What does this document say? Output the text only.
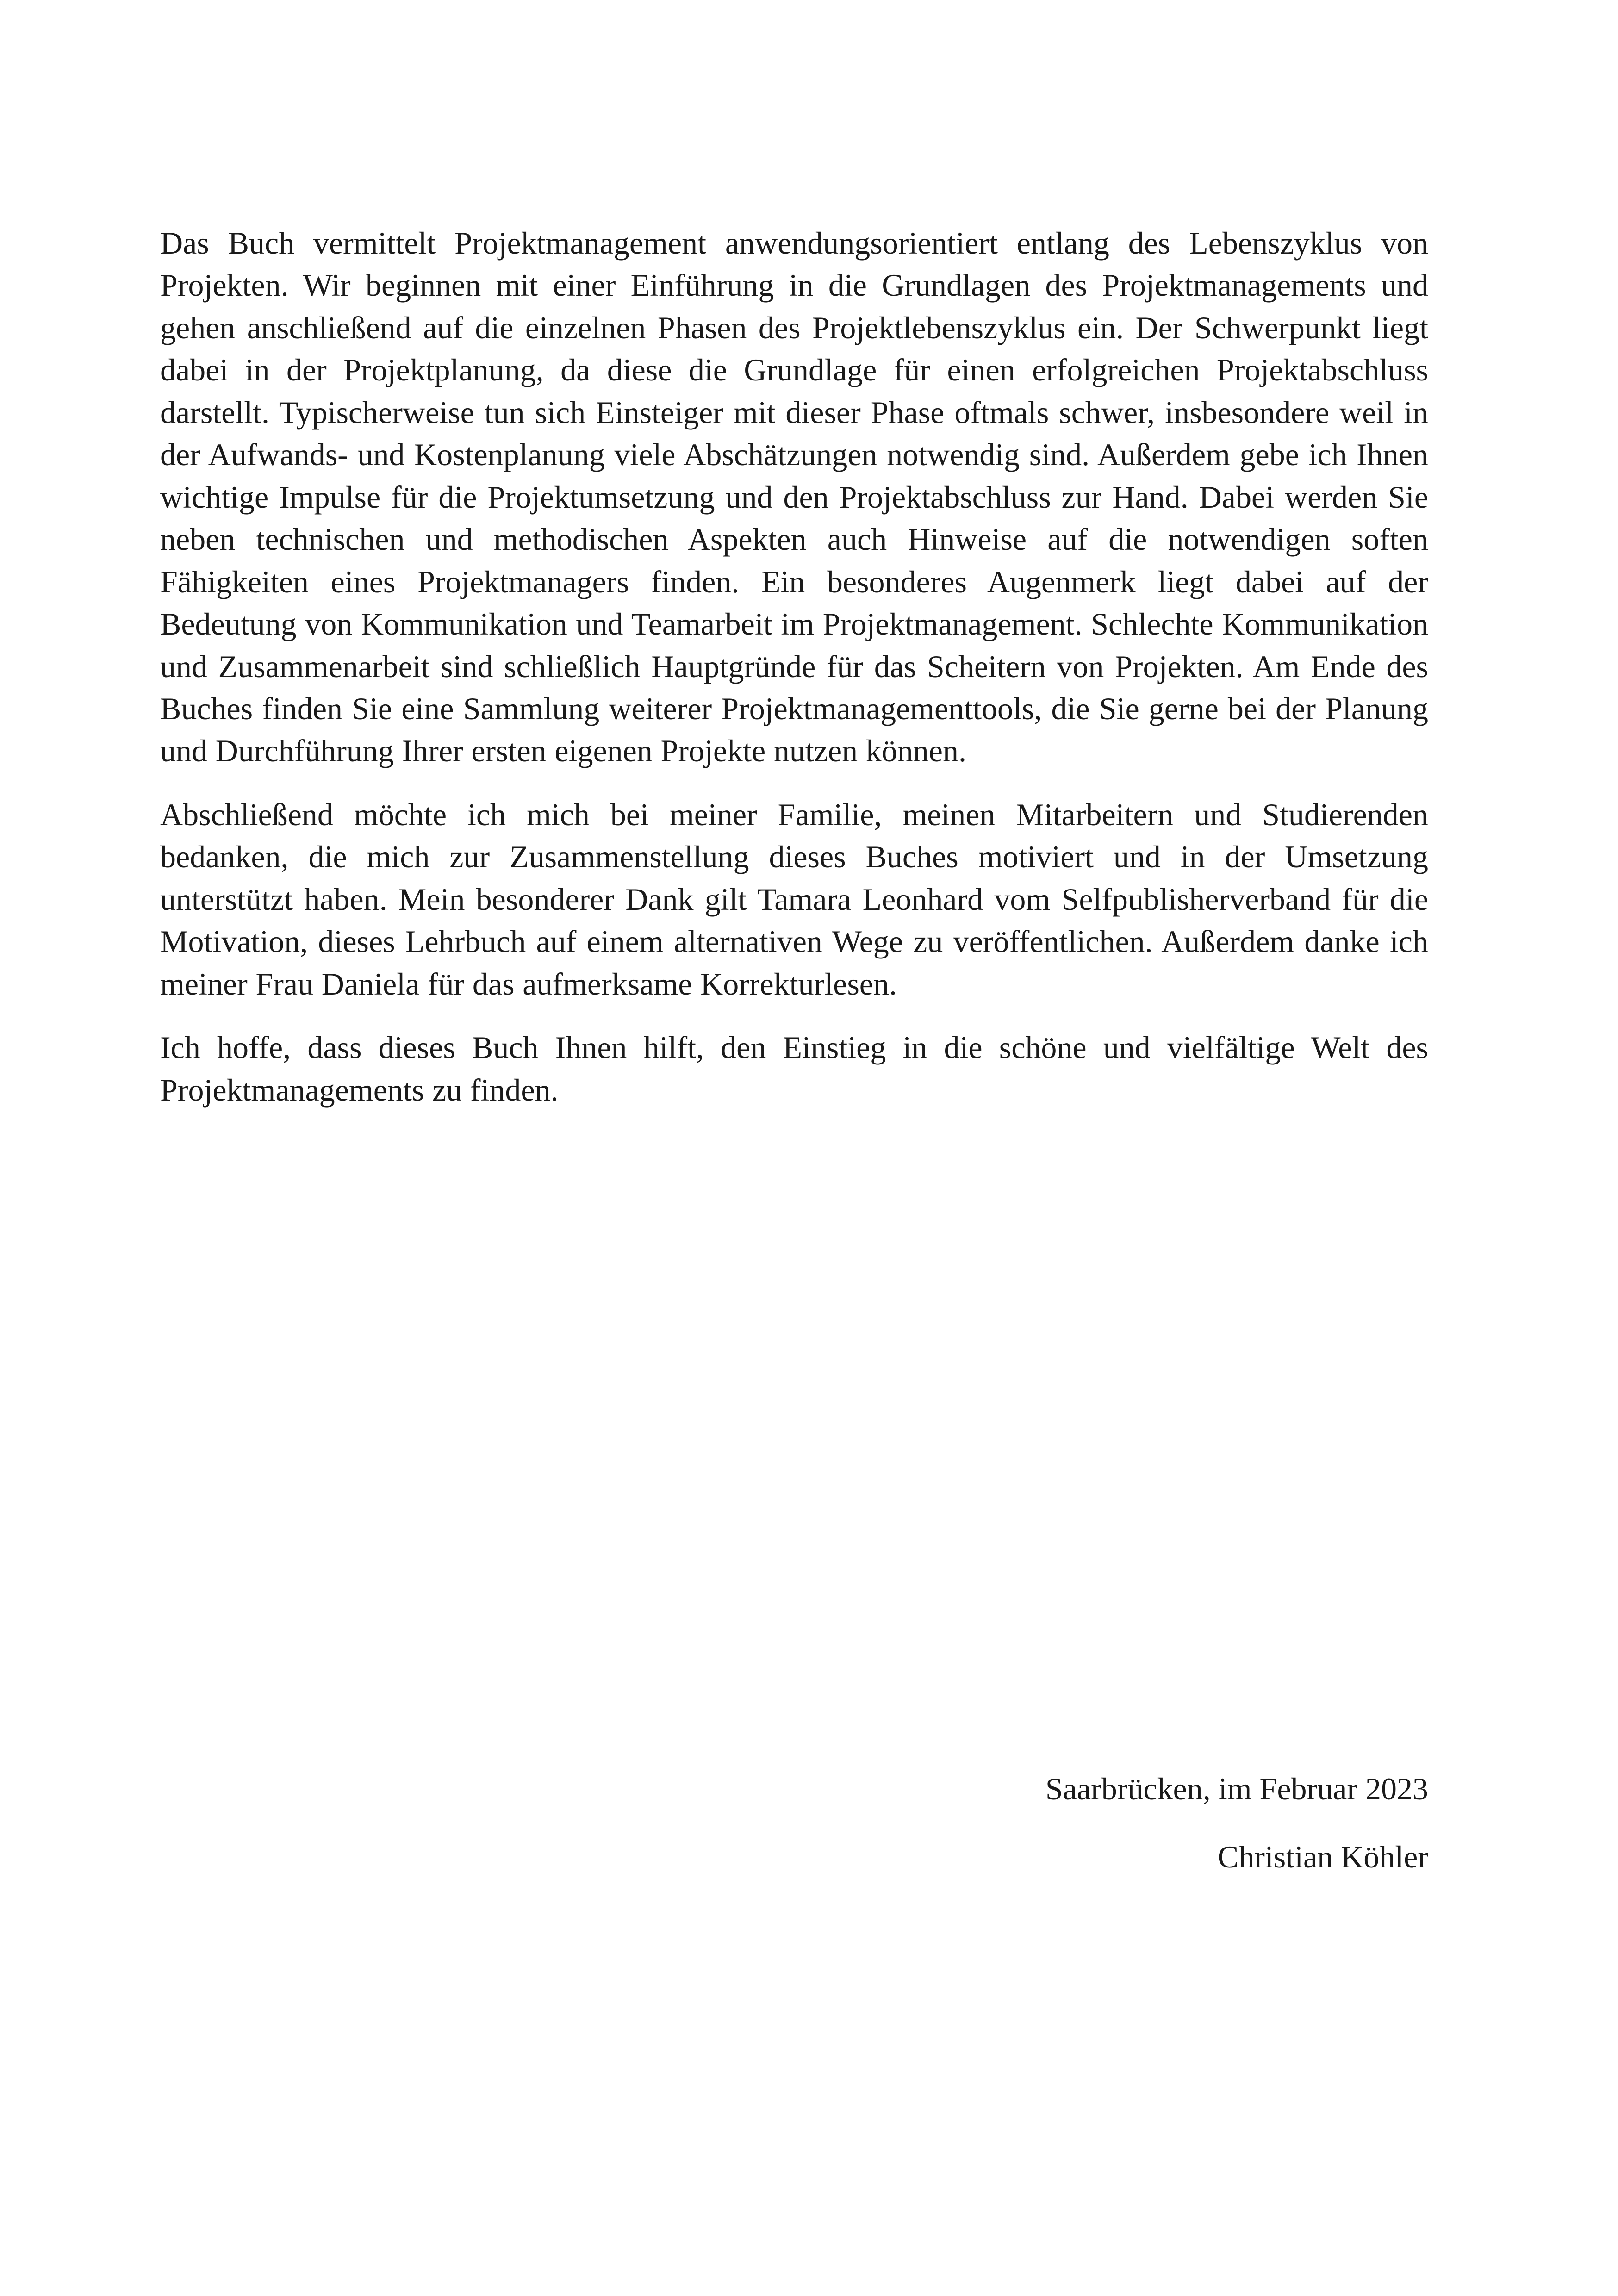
Das Buch vermittelt Projektmanagement anwendungsorientiert entlang des Lebenszyklus von Projekten. Wir beginnen mit einer Einführung in die Grundlagen des Projektmanagements und gehen anschließend auf die einzelnen Phasen des Projektlebenszyklus ein. Der Schwerpunkt liegt dabei in der Projektplanung, da diese die Grundlage für einen erfolgreichen Projektabschluss darstellt. Typischerweise tun sich Einsteiger mit dieser Phase oftmals schwer, insbesondere weil in der Aufwands- und Kostenplanung viele Abschätzungen notwendig sind. Außerdem gebe ich Ihnen wichtige Impulse für die Projektumsetzung und den Projektabschluss zur Hand. Dabei werden Sie neben technischen und methodischen Aspekten auch Hinweise auf die notwendigen soften Fähigkeiten eines Projektmanagers finden. Ein besonderes Augenmerk liegt dabei auf der Bedeutung von Kommunikation und Teamarbeit im Projektmanagement. Schlechte Kommunikation und Zusammenarbeit sind schließlich Hauptgründe für das Scheitern von Projekten. Am Ende des Buches finden Sie eine Sammlung weiterer Projektmanagementtools, die Sie gerne bei der Planung und Durchführung Ihrer ersten eigenen Projekte nutzen können.

Abschließend möchte ich mich bei meiner Familie, meinen Mitarbeitern und Studierenden bedanken, die mich zur Zusammenstellung dieses Buches motiviert und in der Umsetzung unterstützt haben. Mein besonderer Dank gilt Tamara Leonhard vom Selfpublisherverband für die Motivation, dieses Lehrbuch auf einem alternativen Wege zu veröffentlichen. Außerdem danke ich meiner Frau Daniela für das aufmerksame Korrekturlesen.

Ich hoffe, dass dieses Buch Ihnen hilft, den Einstieg in die schöne und vielfältige Welt des Projektmanagements zu finden.

Saarbrücken, im Februar 2023

Christian Köhler
